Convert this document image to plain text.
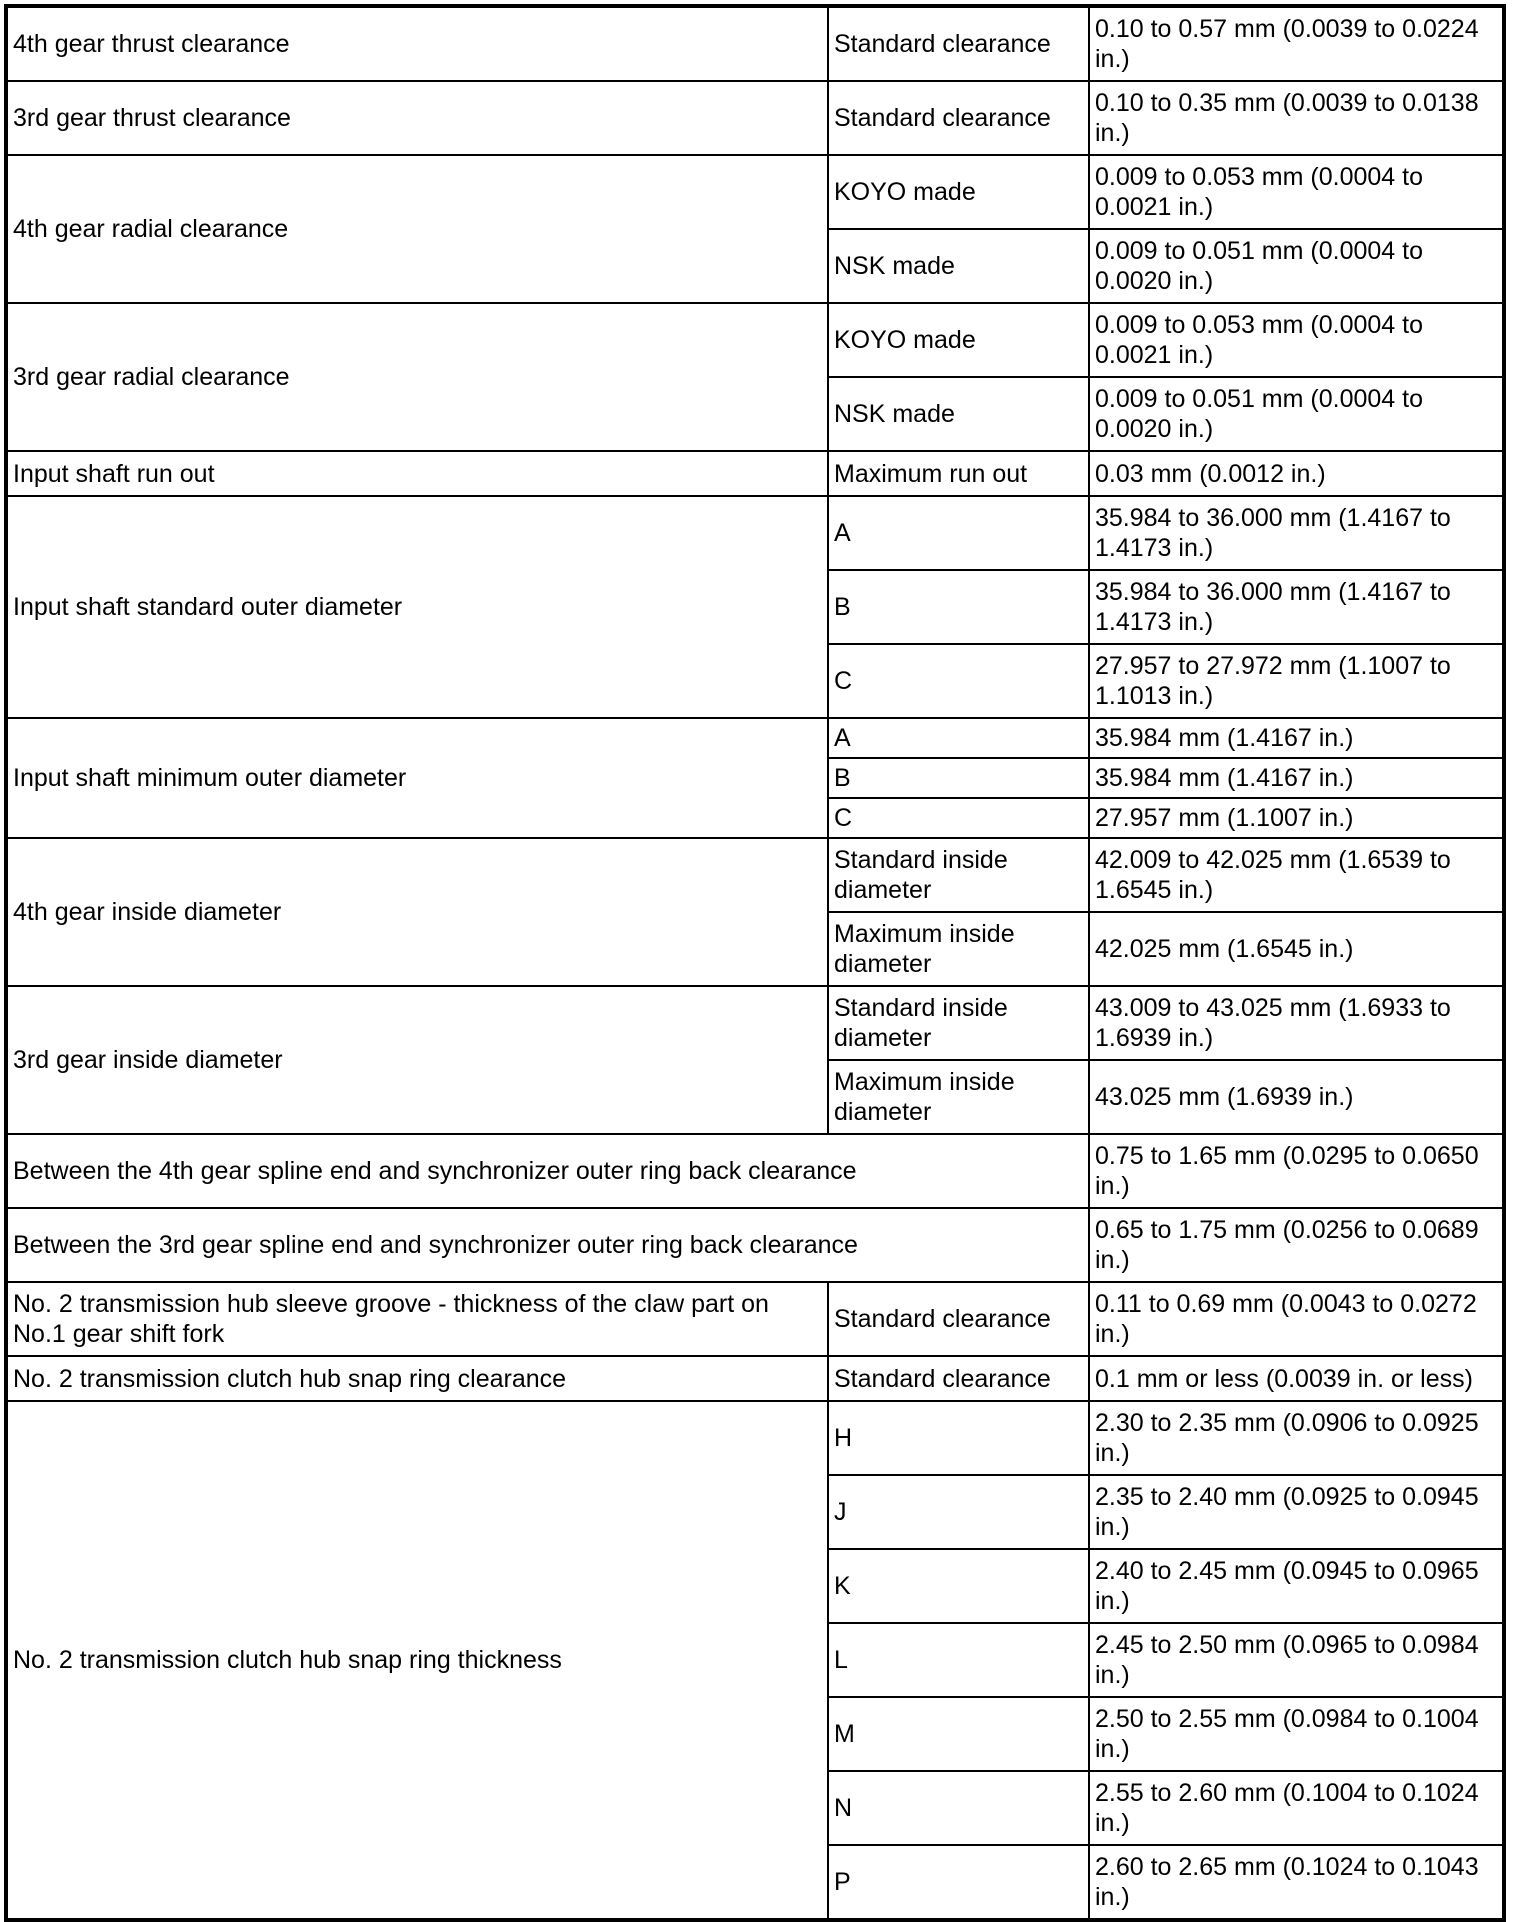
4th gear thrust clearance	Standard clearance	0.10 to 0.57 mm (0.0039 to 0.0224 in.)
3rd gear thrust clearance	Standard clearance	0.10 to 0.35 mm (0.0039 to 0.0138 in.)
4th gear radial clearance	KOYO made	0.009 to 0.053 mm (0.0004 to 0.0021 in.)
	NSK made	0.009 to 0.051 mm (0.0004 to 0.0020 in.)
3rd gear radial clearance	KOYO made	0.009 to 0.053 mm (0.0004 to 0.0021 in.)
	NSK made	0.009 to 0.051 mm (0.0004 to 0.0020 in.)
Input shaft run out	Maximum run out	0.03 mm (0.0012 in.)
Input shaft standard outer diameter	A	35.984 to 36.000 mm (1.4167 to 1.4173 in.)
	B	35.984 to 36.000 mm (1.4167 to 1.4173 in.)
	C	27.957 to 27.972 mm (1.1007 to 1.1013 in.)
Input shaft minimum outer diameter	A	35.984 mm (1.4167 in.)
	B	35.984 mm (1.4167 in.)
	C	27.957 mm (1.1007 in.)
4th gear inside diameter	Standard inside diameter	42.009 to 42.025 mm (1.6539 to 1.6545 in.)
	Maximum inside diameter	42.025 mm (1.6545 in.)
3rd gear inside diameter	Standard inside diameter	43.009 to 43.025 mm (1.6933 to 1.6939 in.)
	Maximum inside diameter	43.025 mm (1.6939 in.)
Between the 4th gear spline end and synchronizer outer ring back clearance		0.75 to 1.65 mm (0.0295 to 0.0650 in.)
Between the 3rd gear spline end and synchronizer outer ring back clearance		0.65 to 1.75 mm (0.0256 to 0.0689 in.)
No. 2 transmission hub sleeve groove - thickness of the claw part on No.1 gear shift fork	Standard clearance	0.11 to 0.69 mm (0.0043 to 0.0272 in.)
No. 2 transmission clutch hub snap ring clearance	Standard clearance	0.1 mm or less (0.0039 in. or less)
No. 2 transmission clutch hub snap ring thickness	H	2.30 to 2.35 mm (0.0906 to 0.0925 in.)
	J	2.35 to 2.40 mm (0.0925 to 0.0945 in.)
	K	2.40 to 2.45 mm (0.0945 to 0.0965 in.)
	L	2.45 to 2.50 mm (0.0965 to 0.0984 in.)
	M	2.50 to 2.55 mm (0.0984 to 0.1004 in.)
	N	2.55 to 2.60 mm (0.1004 to 0.1024 in.)
	P	2.60 to 2.65 mm (0.1024 to 0.1043 in.)
